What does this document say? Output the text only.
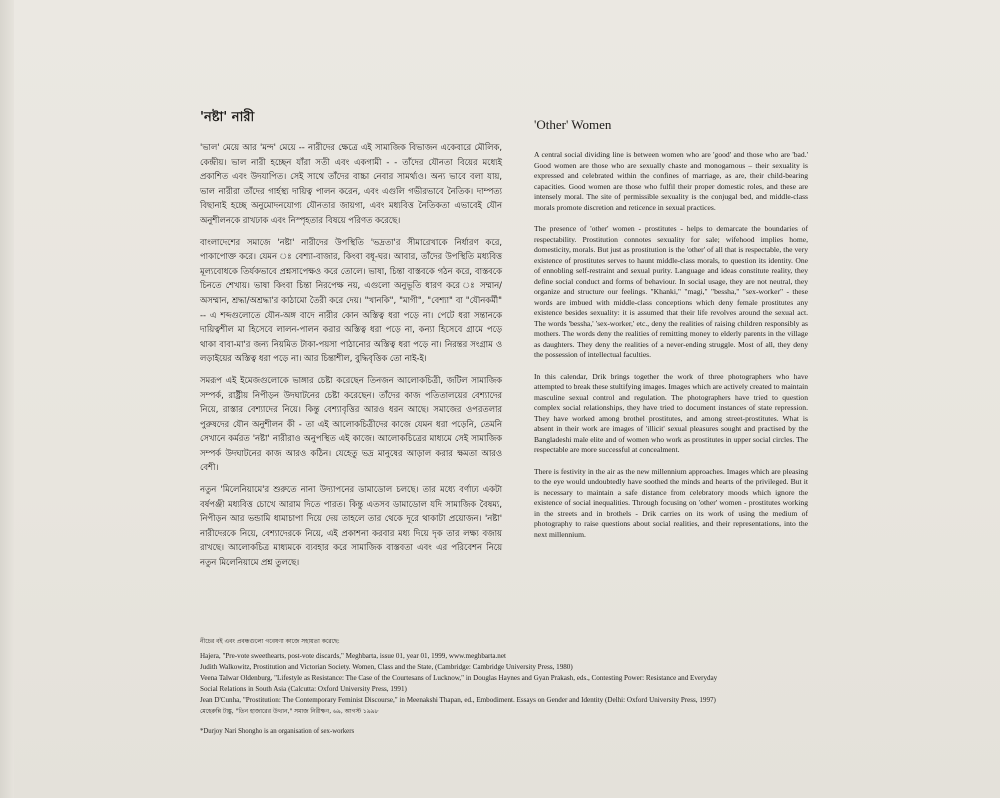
'নষ্টা' নারী

'ভাল' মেয়ে আর 'মন্দ' মেয়ে -- নারীদের ক্ষেত্রে এই সামাজিক বিভাজন একেবারে মৌলিক, কেন্দ্রীয়। ভাল নারী হচ্ছেন যাঁরা সতী এবং একগামী - - তাঁদের যৌনতা বিয়ের মধ্যেই প্রকাশিত এবং উদযাপিত। সেই সাথে তাঁদের বাচ্চা নেবার সামর্থ্যও। অন্য ভাবে বলা যায়, ভাল নারীরা তাঁদের গার্হস্থ্য দায়িত্ব পালন করেন, এবং এগুলি গভীরভাবে নৈতিক। দাম্পত্য বিছানাই হচ্ছে অনুমোদনযোগ্য যৌনতার জায়গা, এবং মধ্যবিত্ত নৈতিকতা এভাবেই যৌন অনুশীলনকে রাখঢাক এবং নিস্পৃহতার বিষয়ে পরিণত করেছে।

বাংলাদেশের সমাজে 'নষ্টা' নারীদের উপস্থিতি 'ভদ্রতা'র সীমারেখাকে নির্ধারণ করে, পাকাপোক্ত করে। যেমন ঃ বেশ্যা-বাজার, কিংবা বধূ-ঘর। আবার, তাঁদের উপস্থিতি মধ্যবিত্ত মূল্যবোধকে তির্যকভাবে প্রশ্নসাপেক্ষও করে তোলে। ভাষা, চিন্তা বাস্তবকে গঠন করে, বাস্তবকে চিনতে শেখায়। ভাষা কিংবা চিন্তা নিরপেক্ষ নয়, এগুলো অনুভূতি ধারণ করে ঃ সম্মান/অসম্মান, শ্রদ্ধা/অশ্রদ্ধা'র কাঠামো তৈরী করে দেয়। "খানকি", "মাগী", "বেশ্যা" বা "যৌনকর্মী" -- এ শব্দগুলোতে যৌন-অঙ্গ বাদে নারীর কোন অস্তিত্ব ধরা পড়ে না। পেটে ধরা সন্তানকে দায়িত্বশীল মা হিসেবে লালন-পালন করার অস্তিত্ব ধরা পড়ে না, কন্যা হিসেবে গ্রামে পড়ে থাকা বাবা-মা'র জন্য নিয়মিত টাকা-পয়সা পাঠানোর অস্তিত্ব ধরা পড়ে না। নিরন্তর সংগ্রাম ও লড়াইয়ের অস্তিত্ব ধরা পড়ে না। আর চিন্তাশীল, বুদ্ধিবৃত্তিক তো নাই-ই।

সমরূপ এই ইমেজগুলোকে ভাঙ্গার চেষ্টা করেছেন তিনজন আলোকচিত্রী, জটিল সামাজিক সম্পর্ক, রাষ্ট্রীয় নিপীড়ন উদঘাটনের চেষ্টা করেছেন। তাঁদের কাজ পতিতালয়ের বেশ্যাদের নিয়ে, রাস্তার বেশ্যাদের নিয়ে। কিন্তু বেশ্যাবৃত্তির আরও ধরন আছে। সমাজের ওপরতলার পুরুষদের যৌন অনুশীলন কী - তা এই আলোকচিত্রীদের কাজে যেমন ধরা পড়েনি, তেমনি সেখানে কর্মরত 'নষ্টা' নারীরাও অনুপস্থিত এই কাজে। আলোকচিত্রের মাধ্যমে সেই সামাজিক সম্পর্ক উদঘাটনের কাজ আরও কঠিন। যেহেতু ভদ্র মানুষের আড়াল করার ক্ষমতা আরও বেশী।

নতুন 'মিলেনিয়ামে'র শুরুতে নানা উদ্যাপনের ডামাডোল চলছে। তার মধ্যে বর্ণাঢ্য একটা বর্ষপঞ্জী মধ্যবিত্ত চোখে আরাম দিতে পারত। কিন্তু এতসব ডামাডোল যদি সামাজিক বৈষম্য, নিপীড়ন আর ভন্ডামি ধামাচাপা দিয়ে দেয় তাহলে তার থেকে দূরে থাকাটা প্রয়োজন। 'নষ্টা' নারীদেরকে নিয়ে, বেশ্যাদেরকে নিয়ে, এই প্রকাশনা করবার মধ্য দিয়ে দৃক তার লক্ষ্য বজায় রাখছে। আলোকচিত্র মাধ্যমকে ব্যবহার করে সামাজিক বাস্তবতা এবং এর পরিবেশন নিয়ে নতুন মিলেনিয়ামে প্রশ্ন তুলছে।

'Other' Women

A central social dividing line is between women who are 'good' and those who are 'bad.' Good women are those who are sexually chaste and monogamous – their sexuality is expressed and celebrated within the confines of marriage, as are, their child-bearing capacities. Good women are those who fulfil their proper domestic roles, and these are intensely moral. The site of permissible sexuality is the conjugal bed, and middle-class morals promote discretion and reticence in sexual practices.

The presence of 'other' women - prostitutes - helps to demarcate the boundaries of respectability. Prostitution connotes sexuality for sale; wifehood implies home, domesticity, morals. But just as prostitution is the 'other' of all that is respectable, the very existence of prostitutes serves to haunt middle-class morals, to question its identity. One of ennobling self-restraint and sexual purity. Language and ideas constitute reality, they define social conduct and forms of behaviour. In social usage, they are not neutral, they organize and structure our feelings. "Khanki," "magi," "bessha," "sex-worker" - these words are imbued with middle-class conceptions which deny female prostitutes any existence besides sexuality: it is assumed that their life revolves around the sexual act. The words 'bessha,' 'sex-worker,' etc., deny the realities of raising children responsibly as mothers. The words deny the realities of remitting money to elderly parents in the village as daughters. They deny the realities of a never-ending struggle. Most of all, they deny the possession of intellectual faculties.

In this calendar, Drik brings together the work of three photographers who have attempted to break these stultifying images. Images which are actively created to maintain masculine sexual control and regulation. The photographers have tried to question complex social relationships, they have tried to document instances of state repression. They have worked among brothel prostitutes, and among street-prostitutes. What is absent in their work are images of 'illicit' sexual pleasures sought and practised by the Bangladeshi male elite and of women who work as prostitutes in upper social circles. The respectable are more successful at concealment.

There is festivity in the air as the new millennium approaches. Images which are pleasing to the eye would undoubtedly have soothed the minds and hearts of the privileged. But it is necessary to maintain a safe distance from celebratory moods which ignore the existence of social inequalities. Through focusing on 'other' women - prostitutes working in the streets and in brothels - Drik carries on its work of using the medium of photography to raise questions about social realities, and their representations, into the next millennium.

নীচের বই এবং প্রবন্ধগুলো গবেষণা কাজে সহায়তা করেছে:
Hajera, "Pre-vote sweethearts, post-vote discards," Meghbarta, issue 01, year 01, 1999, www.meghbarta.net
Judith Walkowitz, Prostitution and Victorian Society. Women, Class and the State, (Cambridge: Cambridge University Press, 1980)
Veena Talwar Oldenburg, "Lifestyle as Resistance: The Case of the Courtesans of Lucknow," in Douglas Haynes and Gyan Prakash, eds., Contesting Power: Resistance and Everyday
Social Relations in South Asia (Calcutta: Oxford University Press, 1991)
Jean D'Cunha, "Prostitution: The Contemporary Feminist Discourse," in Meenakshi Thapan, ed., Embodiment. Essays on Gender and Identity (Delhi: Oxford University Press, 1997)
মেহেরুন্নি টাঙ্কু, "তিন হাজারের উত্থান," সমাজ নিরীক্ষণ, ৬৯, আগস্ট ১৯৯৮
*Durjoy Nari Shongho is an organisation of sex-workers
